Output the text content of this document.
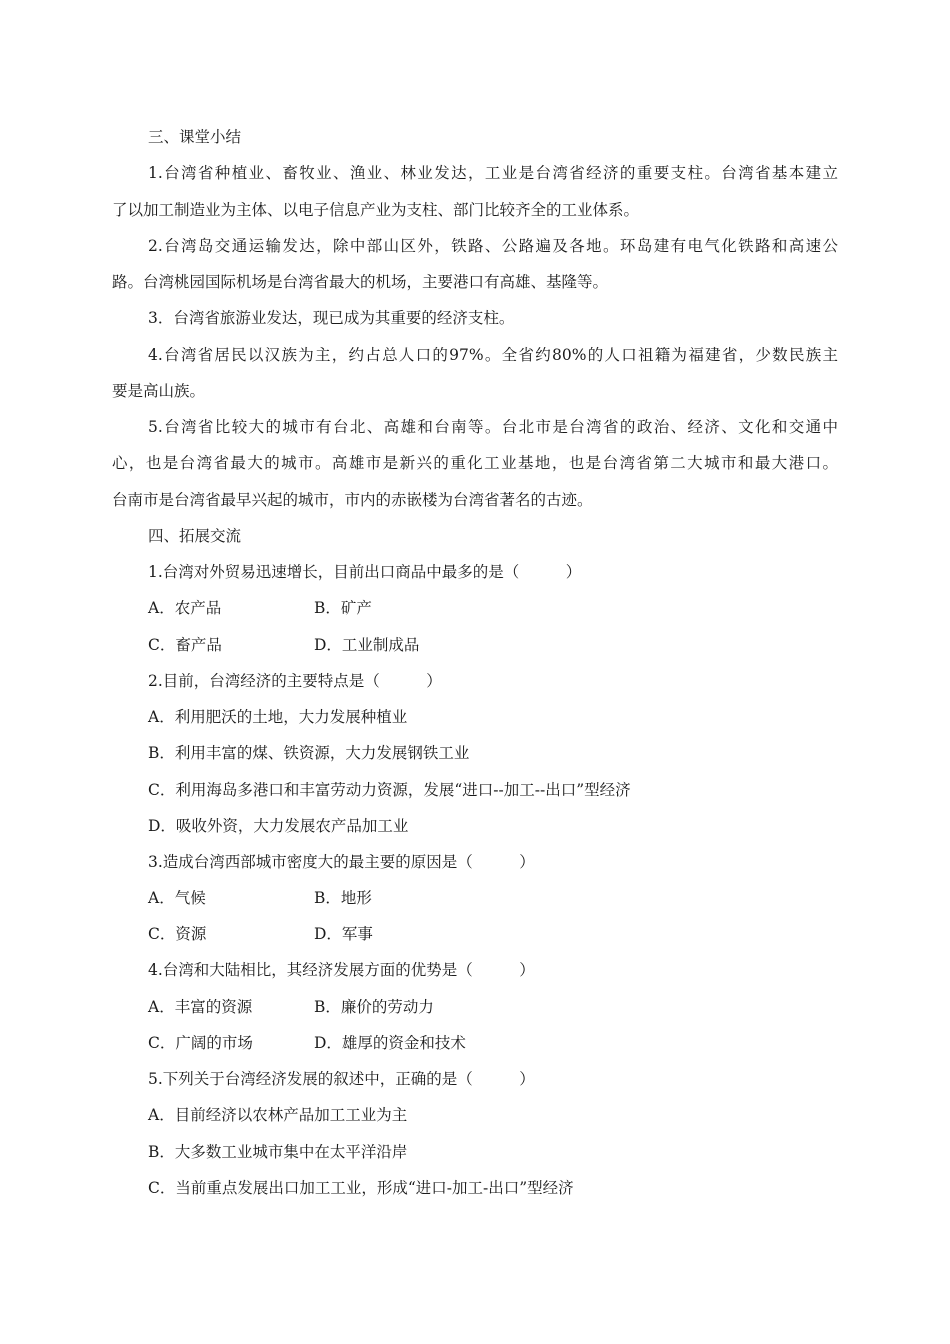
三、课堂小结
1.台湾省种植业、畜牧业、渔业、林业发达，工业是台湾省经济的重要支柱。台湾省基本建立
了以加工制造业为主体、以电子信息产业为支柱、部门比较齐全的工业体系。
2.台湾岛交通运输发达，除中部山区外，铁路、公路遍及各地。环岛建有电气化铁路和高速公
路。台湾桃园国际机场是台湾省最大的机场，主要港口有高雄、基隆等。
3．台湾省旅游业发达，现已成为其重要的经济支柱。
4.台湾省居民以汉族为主，约占总人口的97%。全省约80%的人口祖籍为福建省，少数民族主
要是高山族。
5.台湾省比较大的城市有台北、高雄和台南等。台北市是台湾省的政治、经济、文化和交通中
心，也是台湾省最大的城市。高雄市是新兴的重化工业基地，也是台湾省第二大城市和最大港口。
台南市是台湾省最早兴起的城市，市内的赤嵌楼为台湾省著名的古迹。
四、拓展交流
1.台湾对外贸易迅速增长，目前出口商品中最多的是（　　　）
A．农产品	B．矿产
C．畜产品	D．工业制成品
2.目前，台湾经济的主要特点是（　　　）
A．利用肥沃的土地，大力发展种植业
B．利用丰富的煤、铁资源，大力发展钢铁工业
C．利用海岛多港口和丰富劳动力资源，发展“进口--加工--出口”型经济
D．吸收外资，大力发展农产品加工业
3.造成台湾西部城市密度大的最主要的原因是（　　　）
A．气候	B．地形
C．资源	D．军事
4.台湾和大陆相比，其经济发展方面的优势是（　　　）
A．丰富的资源	B．廉价的劳动力
C．广阔的市场	D．雄厚的资金和技术
5.下列关于台湾经济发展的叙述中，正确的是（　　　）
A．目前经济以农林产品加工工业为主
B．大多数工业城市集中在太平洋沿岸
C．当前重点发展出口加工工业，形成“进口-加工-出口”型经济
